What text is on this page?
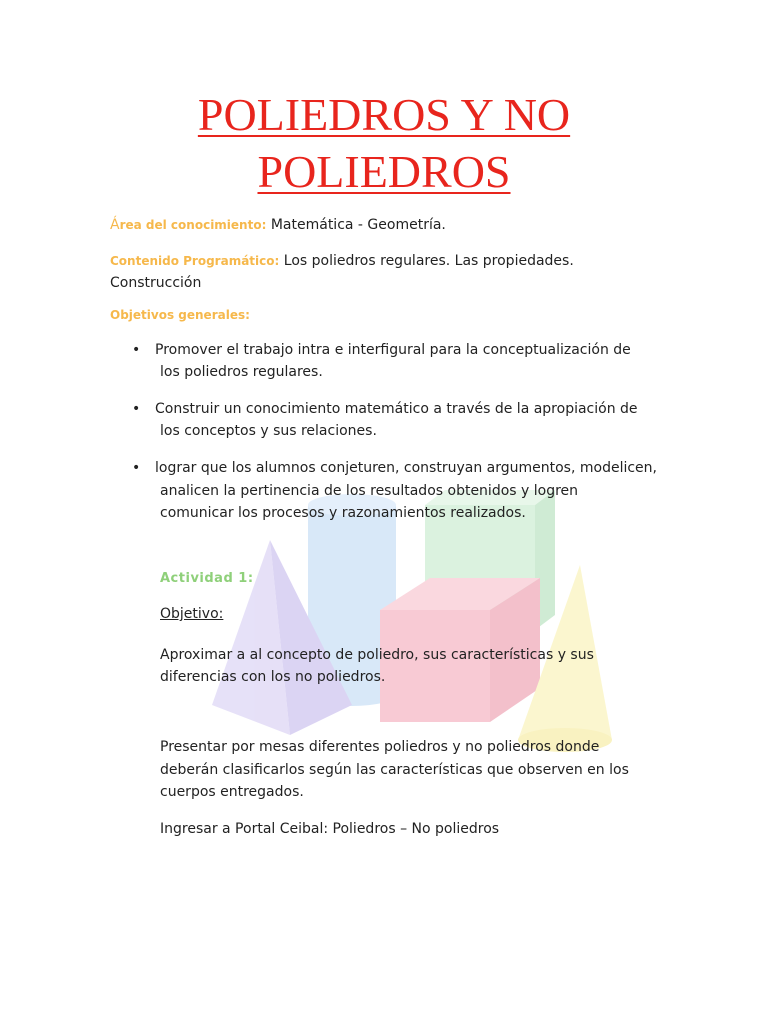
POLIEDROS Y NO
POLIEDROS
Área del conocimiento: Matemática - Geometría.
Contenido Programático: Los poliedros regulares. Las propiedades.
Construcción
Objetivos generales:
• Promover el trabajo intra e interfigural para la conceptualización de
los poliedros regulares.
• Construir un conocimiento matemático a través de la apropiación de
los conceptos y sus relaciones.
• lograr que los alumnos conjeturen, construyan argumentos, modelicen,
analicen la pertinencia de los resultados obtenidos y logren
comunicar los procesos y razonamientos realizados.
Actividad 1:
Objetivo:
Aproximar a al concepto de poliedro, sus características y sus
diferencias con los no poliedros.
Presentar por mesas diferentes poliedros y no poliedros donde
deberán clasificarlos según las características que observen en los
cuerpos entregados.
Ingresar a Portal Ceibal: Poliedros – No poliedros
